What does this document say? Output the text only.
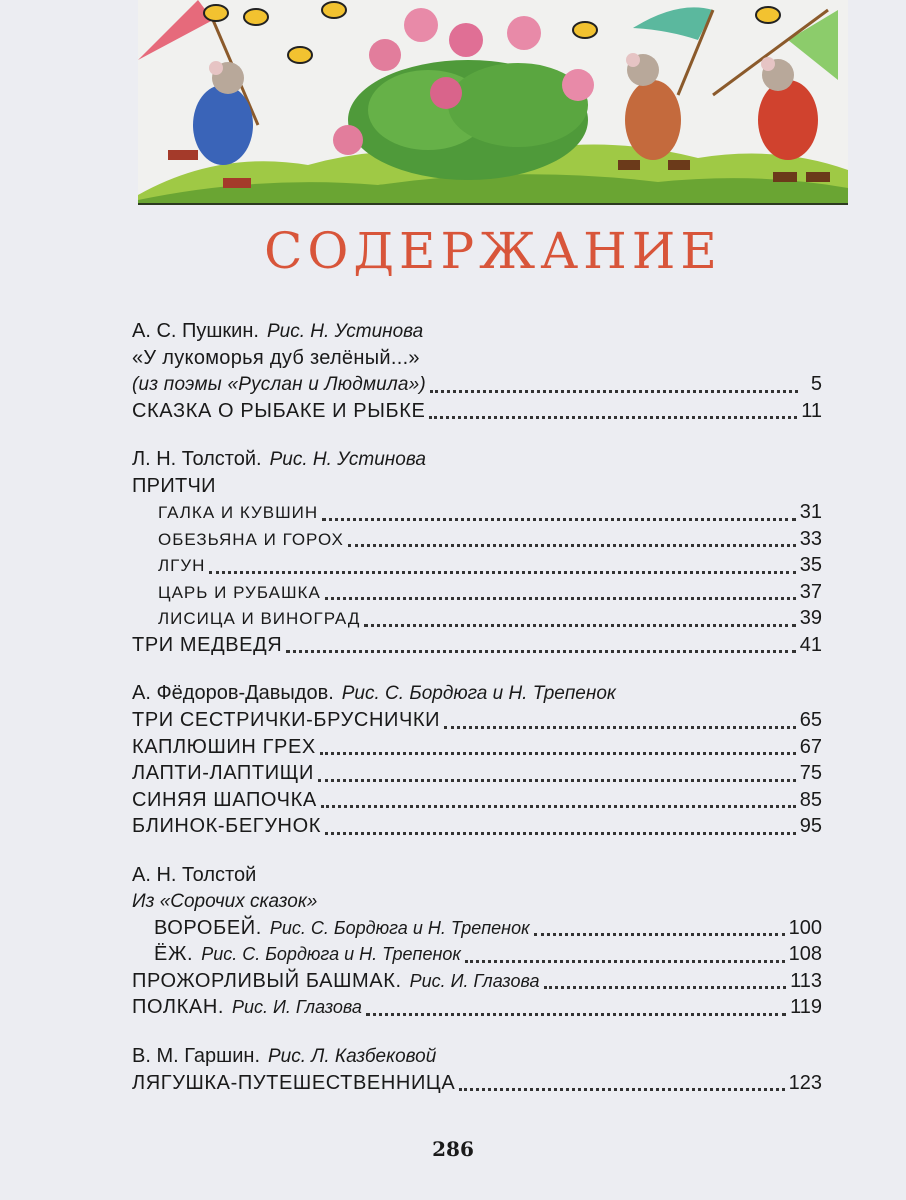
СОДЕРЖАНИЕ
А. С. Пушкин. Рис. Н. Устинова
«У лукоморья дуб зелёный...»
(из поэмы «Руслан и Людмила»)	5
СКАЗКА О РЫБАКЕ И РЫБКЕ	11
Л. Н. Толстой. Рис. Н. Устинова
ПРИТЧИ
ГАЛКА И КУВШИН	31
ОБЕЗЬЯНА И ГОРОХ	33
ЛГУН	35
ЦАРЬ И РУБАШКА	37
ЛИСИЦА И ВИНОГРАД	39
ТРИ МЕДВЕДЯ	41
А. Фёдоров-Давыдов. Рис. С. Бордюга и Н. Трепенок
ТРИ СЕСТРИЧКИ-БРУСНИЧКИ	65
КАПЛЮШИН ГРЕХ	67
ЛАПТИ-ЛАПТИЩИ	75
СИНЯЯ ШАПОЧКА	85
БЛИНОК-БЕГУНОК	95
А. Н. Толстой
Из «Сорочих сказок»
ВОРОБЕЙ. Рис. С. Бордюга и Н. Трепенок	100
ЁЖ. Рис. С. Бордюга и Н. Трепенок	108
ПРОЖОРЛИВЫЙ БАШМАК. Рис. И. Глазова	113
ПОЛКАН. Рис. И. Глазова	119
В. М. Гаршин. Рис. Л. Казбековой
ЛЯГУШКА-ПУТЕШЕСТВЕННИЦА	123
286
